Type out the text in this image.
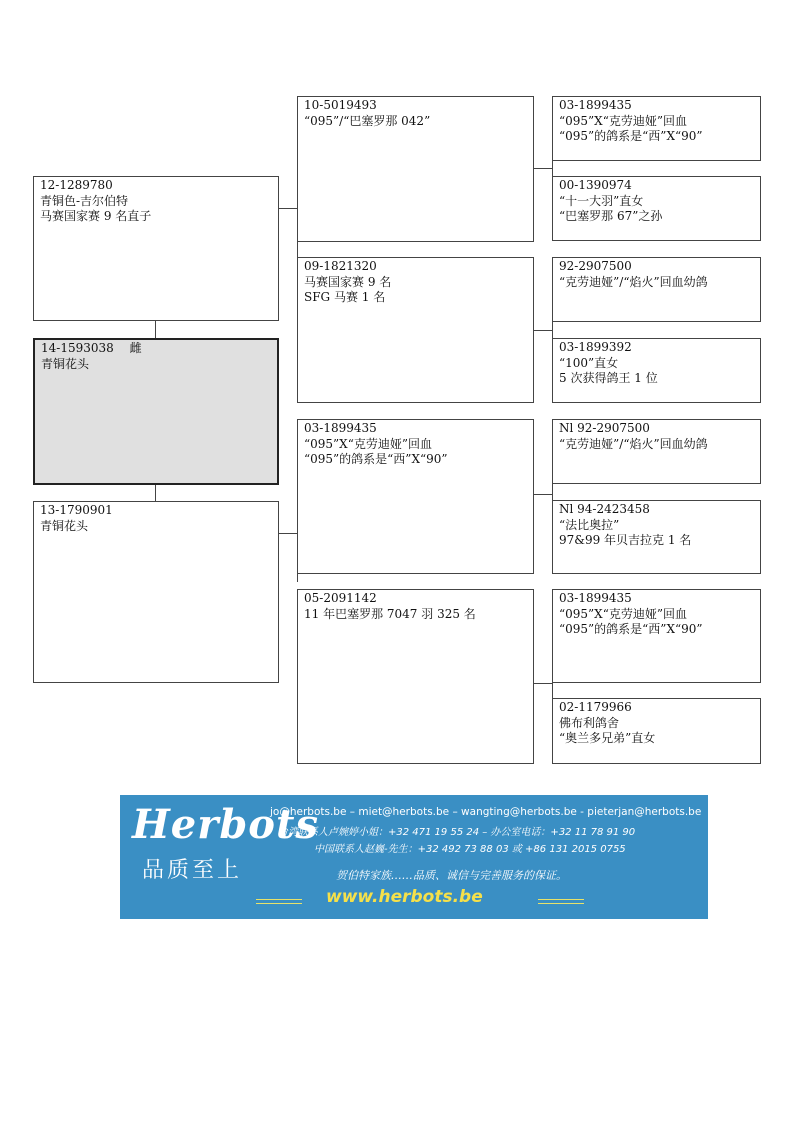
12-1289780
青铜色-吉尔伯特
马赛国家赛 9 名直子
14-1593038　 雌
青铜花头
13-1790901
青铜花头
10-5019493
“095”/“巴塞罗那 042”
09-1821320
马赛国家赛 9 名
SFG 马赛 1 名
03-1899435
“095”X“克劳迪娅”回血
“095”的鸽系是“西”X“90”
05-2091142
11 年巴塞罗那 7047 羽 325 名
03-1899435
“095”X“克劳迪娅”回血
“095”的鸽系是“西”X“90”
00-1390974
“十一大羽”直女
“巴塞罗那 67”之孙
92-2907500
“克劳迪娅”/“焰火”回血幼鸽
03-1899392
“100”直女
5 次获得鸽王 1 位
Nl 92-2907500
“克劳迪娅”/“焰火”回血幼鸽
Nl 94-2423458
“法比奥拉”
97&99 年贝吉拉克 1 名
03-1899435
“095”X“克劳迪娅”回血
“095”的鸽系是“西”X“90”
02-1179966
佛布利鸽舍
“奥兰多兄弟”直女
Herbots
品质至上
jo@herbots.be – miet@herbots.be – wangting@herbots.be - pieterjan@herbots.be
台湾联系人卢婉婷小姐：+32 471 19 55 24 – 办公室电话：+32 11 78 91 90
中国联系人赵巍-先生：+32 492 73 88 03 或 +86 131 2015 0755
贺伯特家族……品质、诚信与完善服务的保证。
www.herbots.be
